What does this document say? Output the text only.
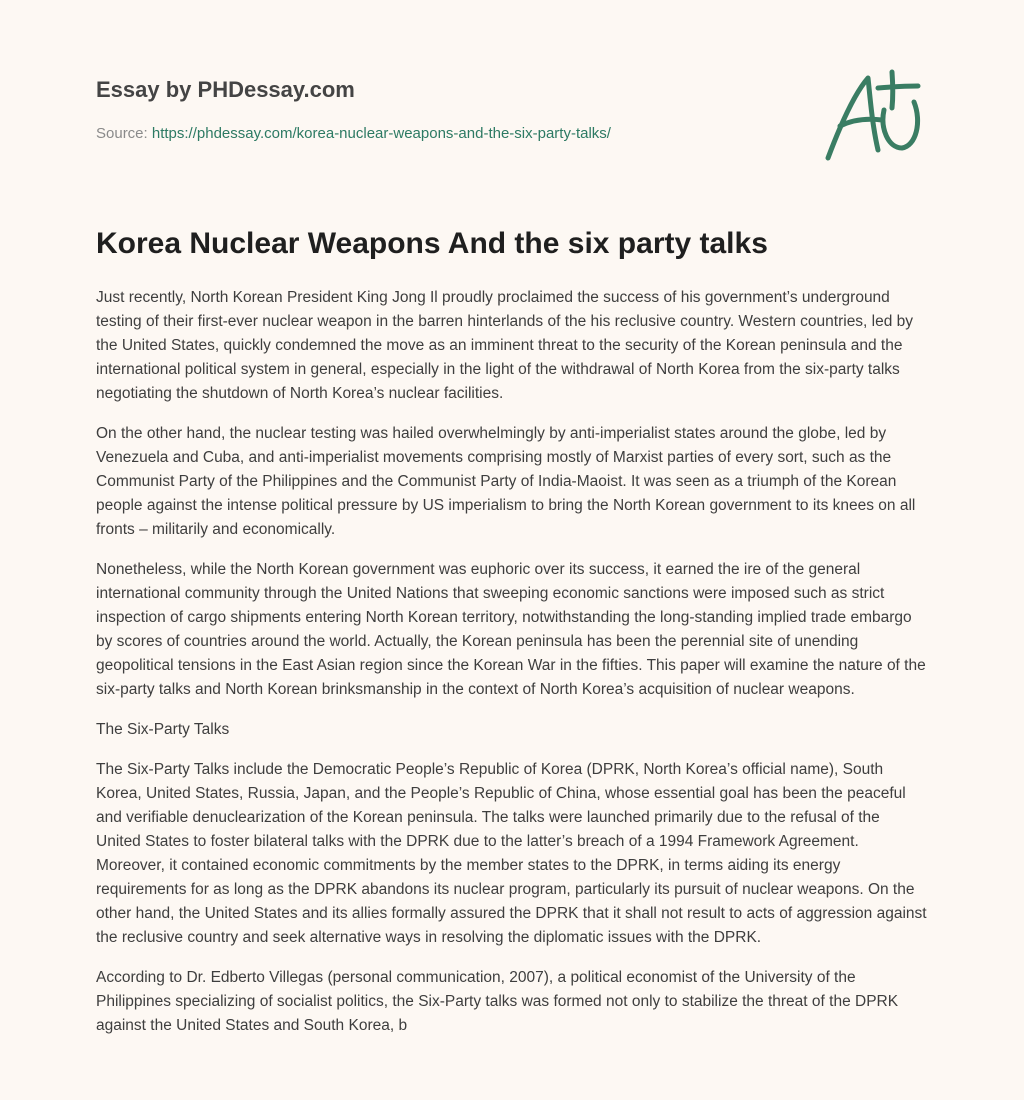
Essay by PHDessay.com
Source: https://phdessay.com/korea-nuclear-weapons-and-the-six-party-talks/
Korea Nuclear Weapons And the six party talks

Just recently, North Korean President King Jong Il proudly proclaimed the success of his government’s underground testing of their first-ever nuclear weapon in the barren hinterlands of the his reclusive country. Western countries, led by the United States, quickly condemned the move as an imminent threat to the security of the Korean peninsula and the international political system in general, especially in the light of the withdrawal of North Korea from the six-party talks negotiating the shutdown of North Korea’s nuclear facilities.

On the other hand, the nuclear testing was hailed overwhelmingly by anti-imperialist states around the globe, led by Venezuela and Cuba, and anti-imperialist movements comprising mostly of Marxist parties of every sort, such as the Communist Party of the Philippines and the Communist Party of India-Maoist. It was seen as a triumph of the Korean people against the intense political pressure by US imperialism to bring the North Korean government to its knees on all fronts – militarily and economically.

Nonetheless, while the North Korean government was euphoric over its success, it earned the ire of the general international community through the United Nations that sweeping economic sanctions were imposed such as strict inspection of cargo shipments entering North Korean territory, notwithstanding the long-standing implied trade embargo by scores of countries around the world. Actually, the Korean peninsula has been the perennial site of unending geopolitical tensions in the East Asian region since the Korean War in the fifties. This paper will examine the nature of the six-party talks and North Korean brinksmanship in the context of North Korea’s acquisition of nuclear weapons.

The Six-Party Talks

The Six-Party Talks include the Democratic People’s Republic of Korea (DPRK, North Korea’s official name), South Korea, United States, Russia, Japan, and the People’s Republic of China, whose essential goal has been the peaceful and verifiable denuclearization of the Korean peninsula. The talks were launched primarily due to the refusal of the United States to foster bilateral talks with the DPRK due to the latter’s breach of a 1994 Framework Agreement. Moreover, it contained economic commitments by the member states to the DPRK, in terms aiding its energy requirements for as long as the DPRK abandons its nuclear program, particularly its pursuit of nuclear weapons. On the other hand, the United States and its allies formally assured the DPRK that it shall not result to acts of aggression against the reclusive country and seek alternative ways in resolving the diplomatic issues with the DPRK.

According to Dr. Edberto Villegas (personal communication, 2007), a political economist of the University of the Philippines specializing of socialist politics, the Six-Party talks was formed not only to stabilize the threat of the DPRK against the United States and South Korea, b
